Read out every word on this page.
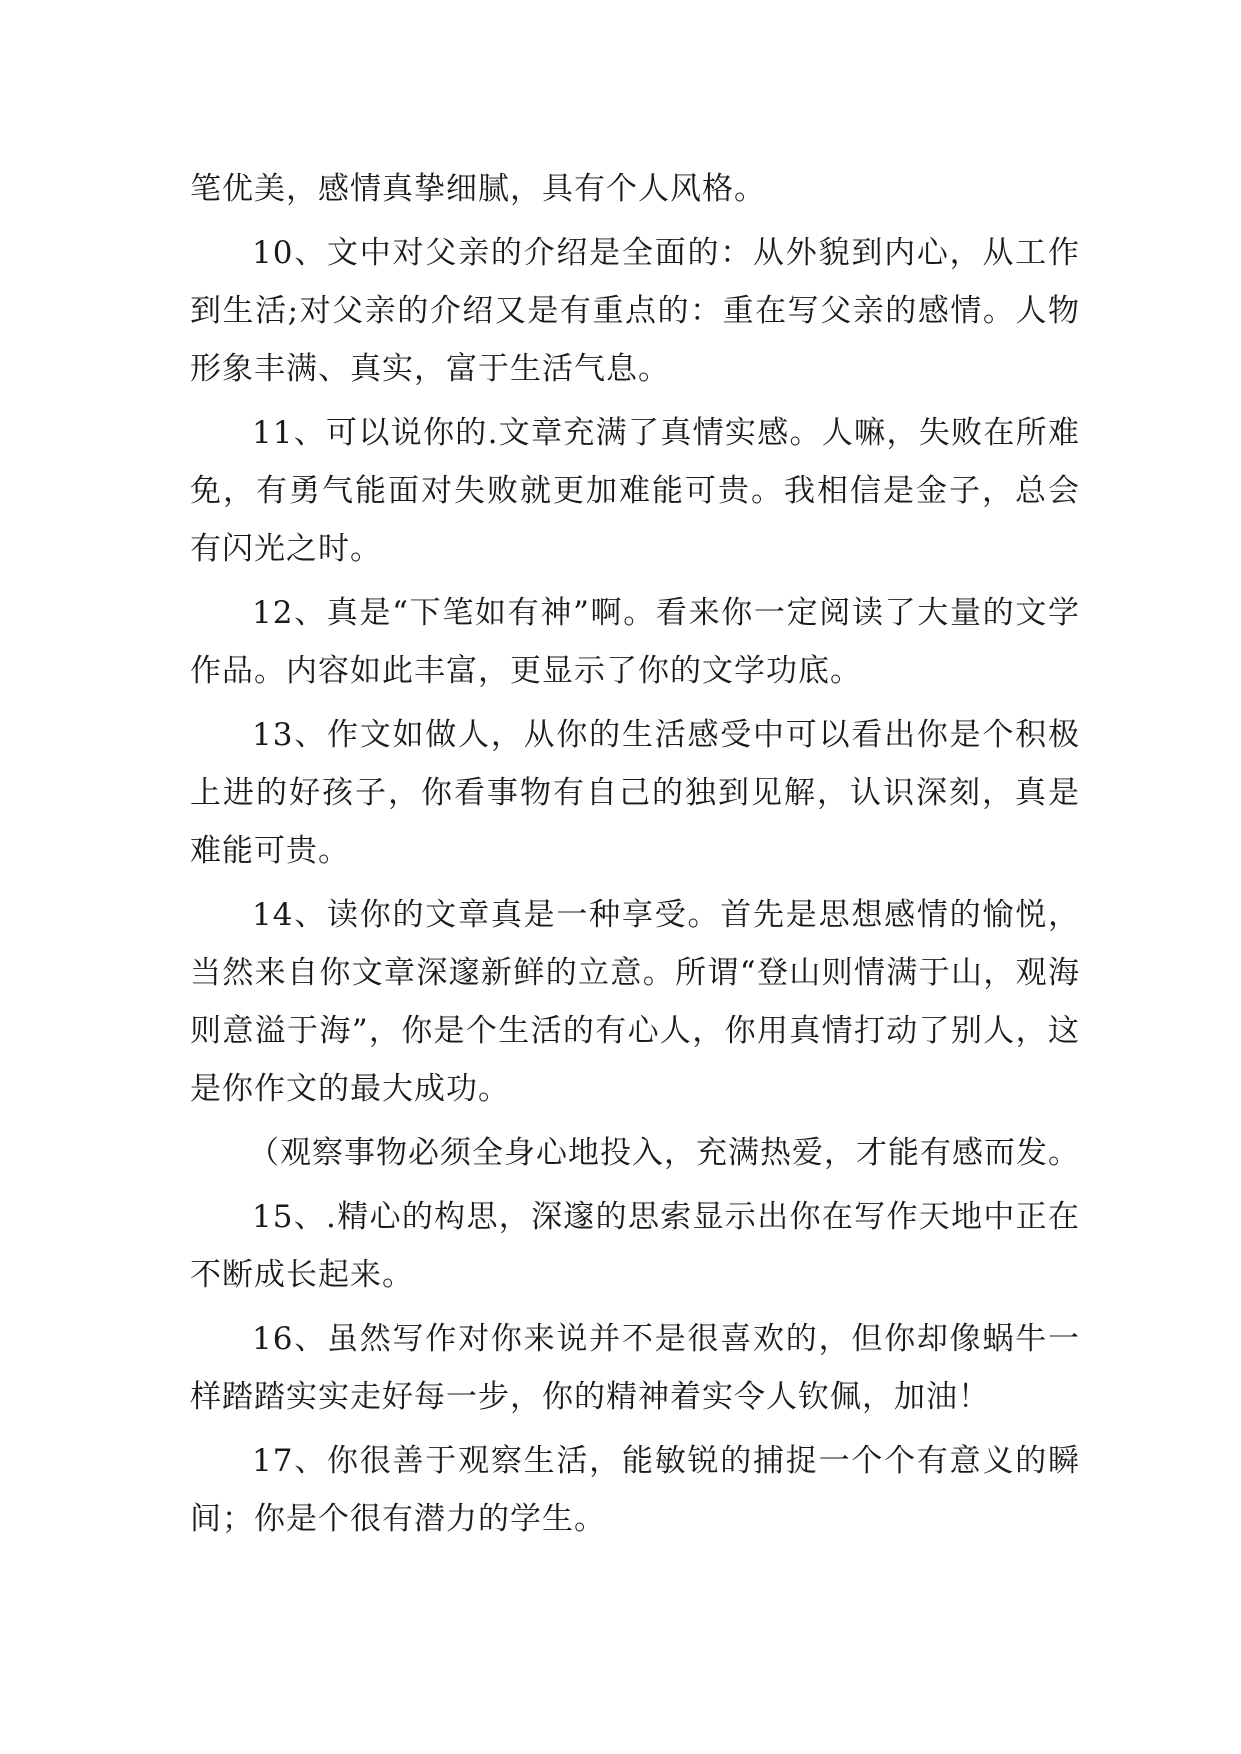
笔优美，感情真挚细腻，具有个人风格。

10、文中对父亲的介绍是全面的：从外貌到内心，从工作到生活;对父亲的介绍又是有重点的：重在写父亲的感情。人物形象丰满、真实，富于生活气息。

11、可以说你的.文章充满了真情实感。人嘛，失败在所难免，有勇气能面对失败就更加难能可贵。我相信是金子，总会有闪光之时。

12、真是“下笔如有神”啊。看来你一定阅读了大量的文学作品。内容如此丰富，更显示了你的文学功底。

13、作文如做人，从你的生活感受中可以看出你是个积极上进的好孩子，你看事物有自己的独到见解，认识深刻，真是难能可贵。

14、读你的文章真是一种享受。首先是思想感情的愉悦，当然来自你文章深邃新鲜的立意。所谓“登山则情满于山，观海则意溢于海”，你是个生活的有心人，你用真情打动了别人，这是你作文的最大成功。

（观察事物必须全身心地投入，充满热爱，才能有感而发。

15、.精心的构思，深邃的思索显示出你在写作天地中正在不断成长起来。

16、虽然写作对你来说并不是很喜欢的，但你却像蜗牛一样踏踏实实走好每一步，你的精神着实令人钦佩，加油！

17、你很善于观察生活，能敏锐的捕捉一个个有意义的瞬间；你是个很有潜力的学生。
